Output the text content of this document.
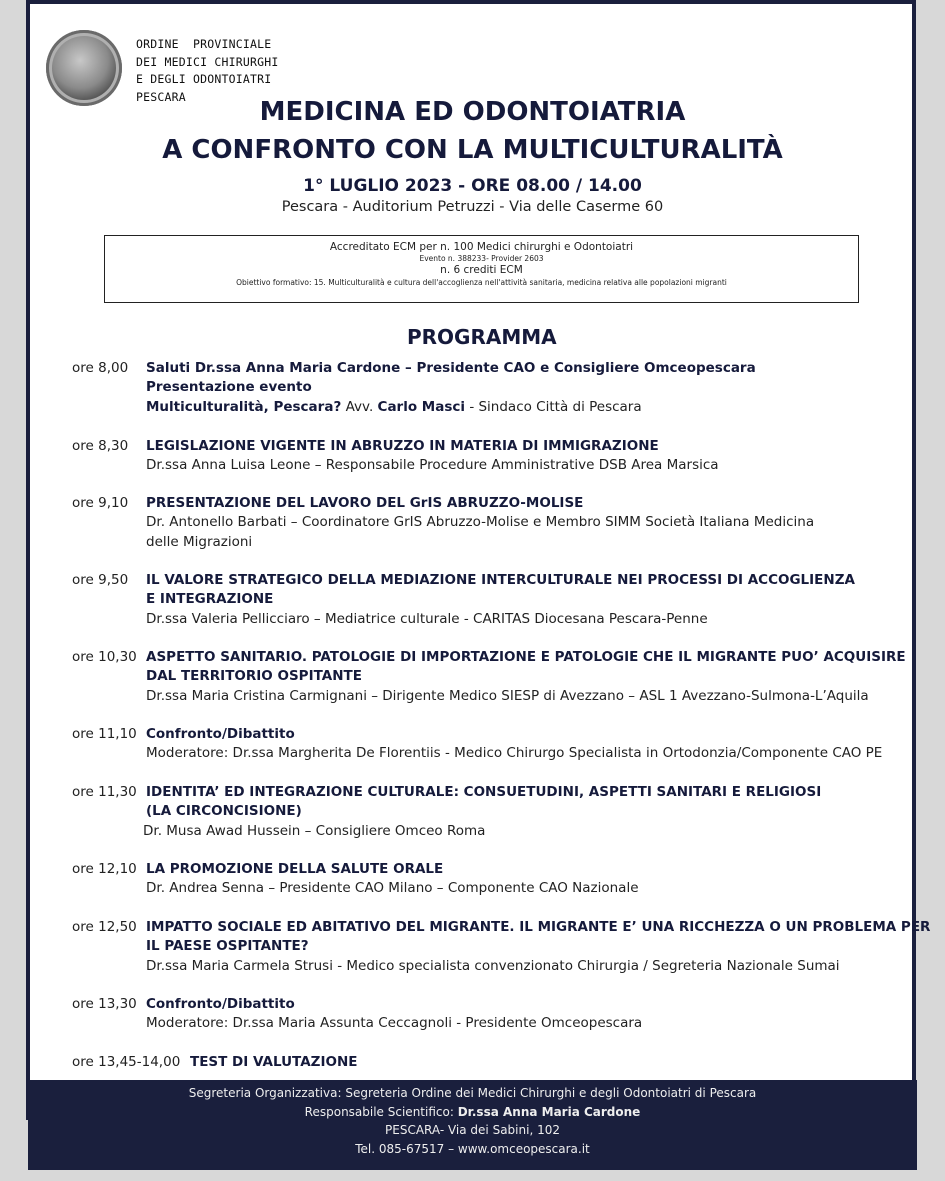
ORDINE  PROVINCIALE
DEI MEDICI CHIRURGHI
E DEGLI ODONTOIATRI
PESCARA
MEDICINA ED ODONTOIATRIA
A CONFRONTO CON LA MULTICULTURALITÀ
1° LUGLIO 2023 - ORE 08.00 / 14.00
Pescara - Auditorium Petruzzi - Via delle Caserme 60
Accreditato ECM per n. 100 Medici chirurghi e Odontoiatri
Evento n. 388233- Provider 2603
n. 6 crediti ECM
Obiettivo formativo: 15. Multiculturalità e cultura dell'accoglienza nell'attività sanitaria, medicina relativa alle popolazioni migranti
PROGRAMMA
ore 8,00 Saluti Dr.ssa Anna Maria Cardone – Presidente CAO e Consigliere Omceopescara
Presentazione evento
Multiculturalità, Pescara? Avv. Carlo Masci - Sindaco Città di Pescara
ore 8,30 LEGISLAZIONE VIGENTE IN ABRUZZO IN MATERIA DI IMMIGRAZIONE
Dr.ssa Anna Luisa Leone – Responsabile Procedure Amministrative DSB Area Marsica
ore 9,10 PRESENTAZIONE DEL LAVORO DEL GrIS ABRUZZO-MOLISE
Dr. Antonello Barbati – Coordinatore GrIS Abruzzo-Molise e Membro SIMM Società Italiana Medicina
delle Migrazioni
ore 9,50 IL VALORE STRATEGICO DELLA MEDIAZIONE INTERCULTURALE NEI PROCESSI DI ACCOGLIENZA
E INTEGRAZIONE
Dr.ssa Valeria Pellicciaro – Mediatrice culturale - CARITAS Diocesana Pescara-Penne
ore 10,30 ASPETTO SANITARIO. PATOLOGIE DI IMPORTAZIONE E PATOLOGIE CHE IL MIGRANTE PUO’ ACQUISIRE
DAL TERRITORIO OSPITANTE
Dr.ssa Maria Cristina Carmignani – Dirigente Medico SIESP di Avezzano – ASL 1 Avezzano-Sulmona-L’Aquila
ore 11,10 Confronto/Dibattito
Moderatore: Dr.ssa Margherita De Florentiis - Medico Chirurgo Specialista in Ortodonzia/Componente CAO PE
ore 11,30 IDENTITA’ ED INTEGRAZIONE CULTURALE: CONSUETUDINI, ASPETTI SANITARI E RELIGIOSI
(LA CIRCONCISIONE)
Dr. Musa Awad Hussein – Consigliere Omceo Roma
ore 12,10 LA PROMOZIONE DELLA SALUTE ORALE
Dr. Andrea Senna – Presidente CAO Milano – Componente CAO Nazionale
ore 12,50 IMPATTO SOCIALE ED ABITATIVO DEL MIGRANTE. IL MIGRANTE E’ UNA RICCHEZZA O UN PROBLEMA PER
IL PAESE OSPITANTE?
Dr.ssa Maria Carmela Strusi - Medico specialista convenzionato Chirurgia / Segreteria Nazionale Sumai
ore 13,30 Confronto/Dibattito
Moderatore: Dr.ssa Maria Assunta Ceccagnoli - Presidente Omceopescara
ore 13,45-14,00 TEST DI VALUTAZIONE
Segreteria Organizzativa: Segreteria Ordine dei Medici Chirurghi e degli Odontoiatri di Pescara
Responsabile Scientifico: Dr.ssa Anna Maria Cardone
PESCARA- Via dei Sabini, 102
Tel. 085-67517 – www.omceopescara.it
